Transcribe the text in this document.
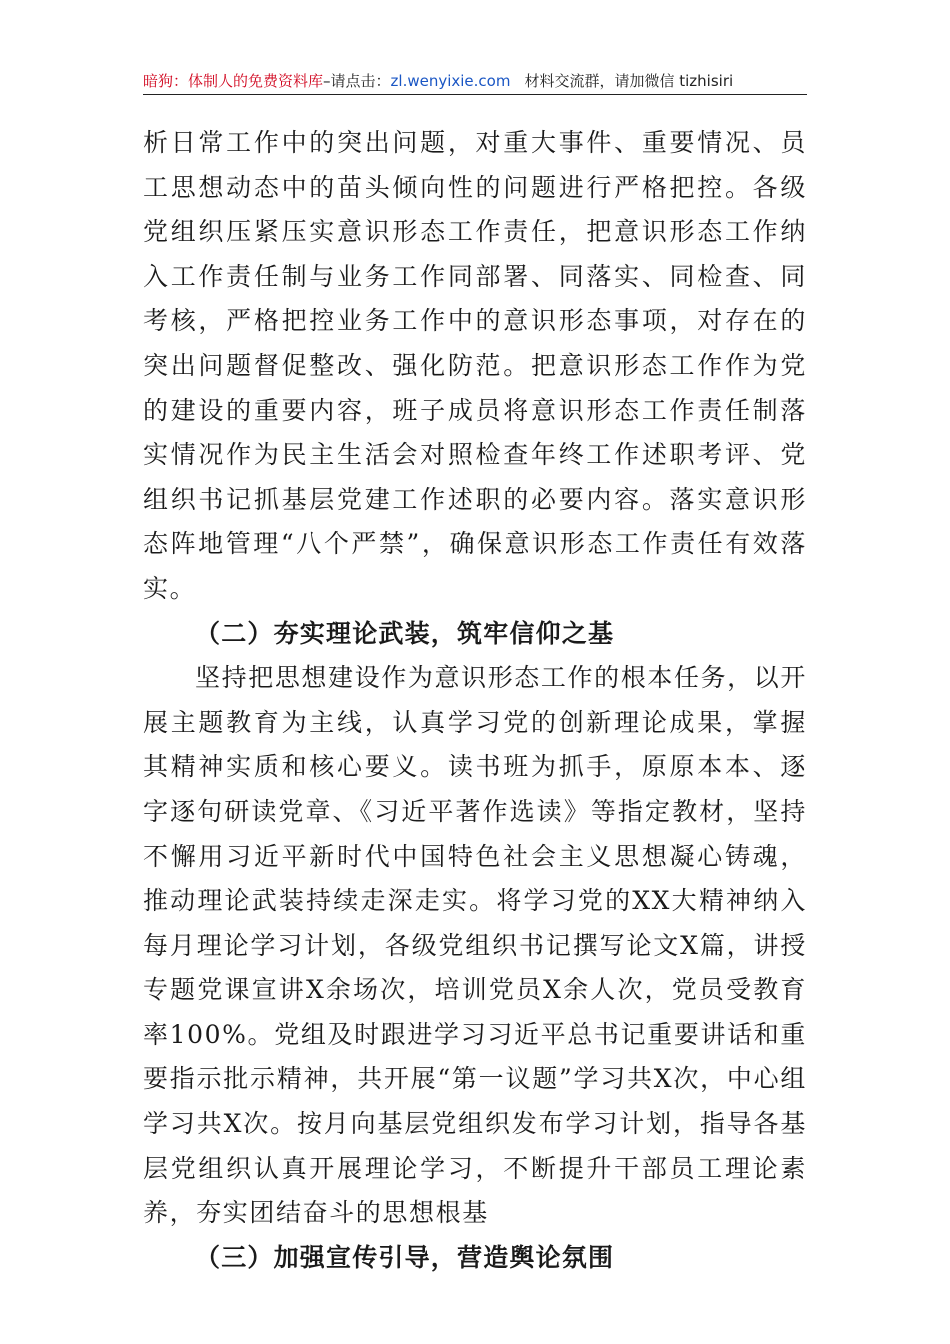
暗狗：体制人的免费资料库–请点击：zl.wenyixie.com 材料交流群，请加微信 tizhisiri

析日常工作中的突出问题，对重大事件、重要情况、员工思想动态中的苗头倾向性的问题进行严格把控。各级党组织压紧压实意识形态工作责任，把意识形态工作纳入工作责任制与业务工作同部署、同落实、同检查、同考核，严格把控业务工作中的意识形态事项，对存在的突出问题督促整改、强化防范。把意识形态工作作为党的建设的重要内容，班子成员将意识形态工作责任制落实情况作为民主生活会对照检查年终工作述职考评、党组织书记抓基层党建工作述职的必要内容。落实意识形态阵地管理“八个严禁”，确保意识形态工作责任有效落实。

（二）夯实理论武装，筑牢信仰之基

坚持把思想建设作为意识形态工作的根本任务，以开展主题教育为主线，认真学习党的创新理论成果，掌握其精神实质和核心要义。读书班为抓手，原原本本、逐字逐句研读党章、《习近平著作选读》等指定教材，坚持不懈用习近平新时代中国特色社会主义思想凝心铸魂，推动理论武装持续走深走实。将学习党的XX大精神纳入每月理论学习计划，各级党组织书记撰写论文X篇，讲授专题党课宣讲X余场次，培训党员X余人次，党员受教育率100%。党组及时跟进学习习近平总书记重要讲话和重要指示批示精神，共开展“第一议题”学习共X次，中心组学习共X次。按月向基层党组织发布学习计划，指导各基层党组织认真开展理论学习，不断提升干部员工理论素养，夯实团结奋斗的思想根基

（三）加强宣传引导，营造舆论氛围
